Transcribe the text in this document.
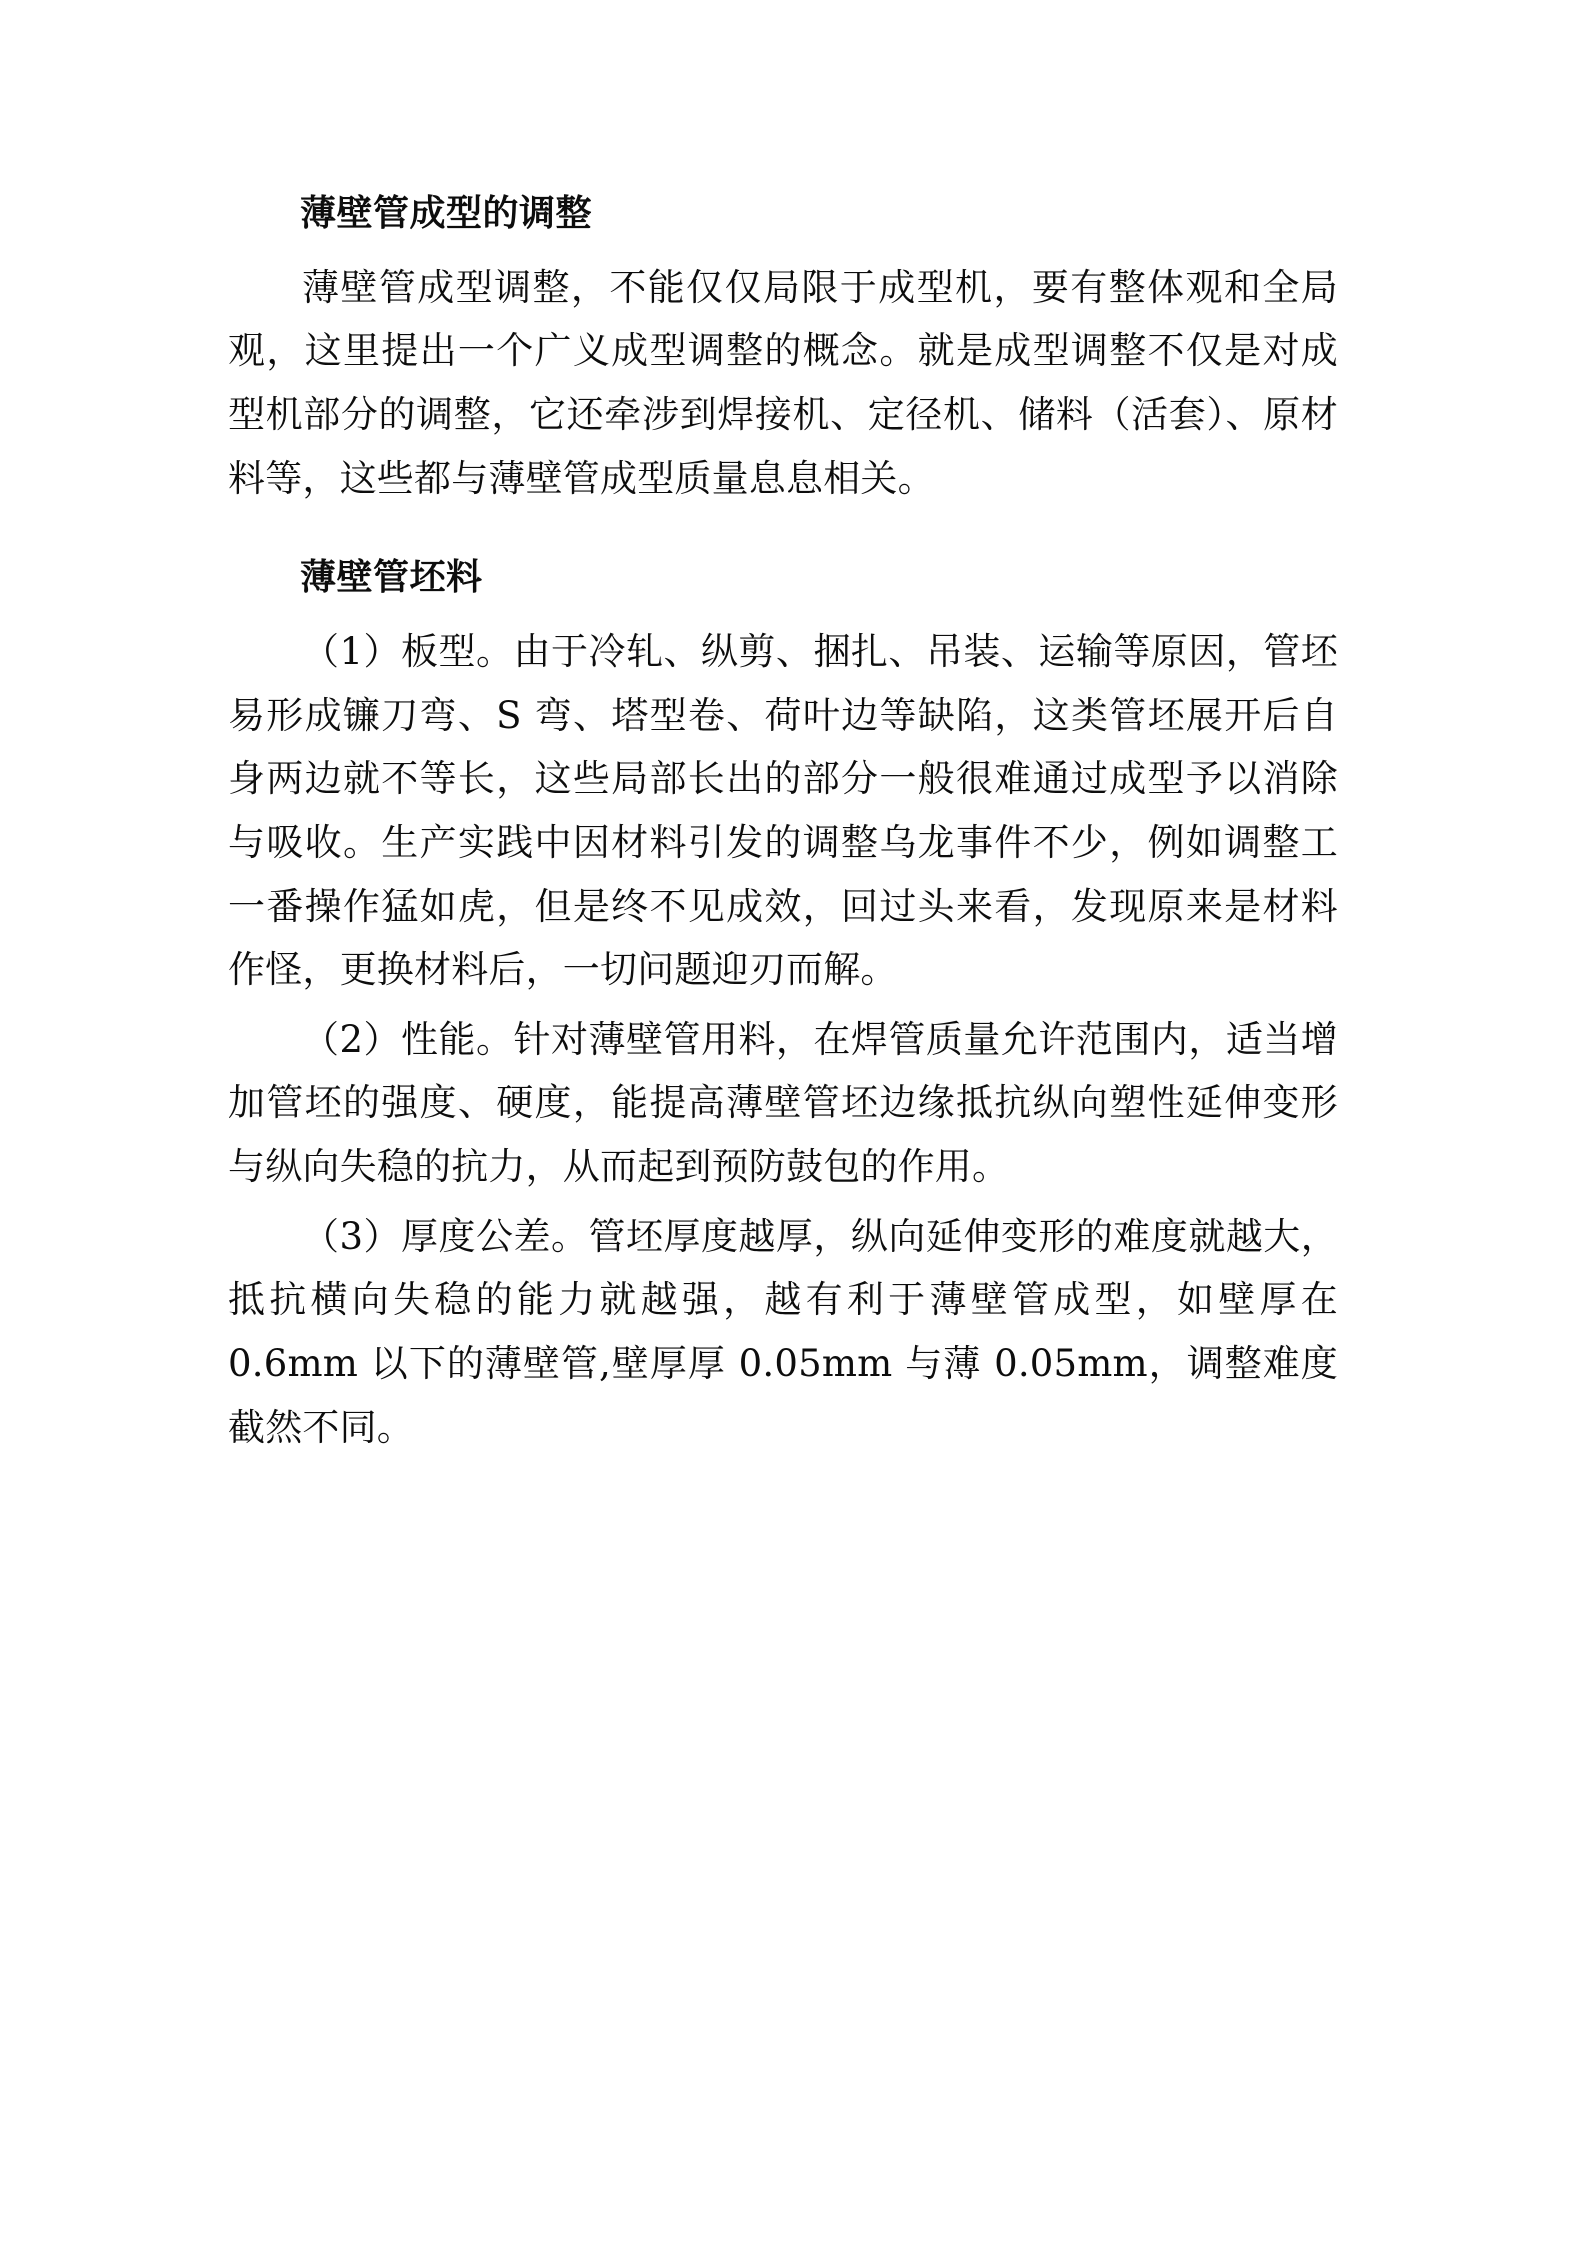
薄壁管成型的调整

薄壁管成型调整，不能仅仅局限于成型机，要有整体观和全局观，这里提出一个广义成型调整的概念。就是成型调整不仅是对成型机部分的调整，它还牵涉到焊接机、定径机、储料（活套）、原材料等，这些都与薄壁管成型质量息息相关。

薄壁管坯料

（1）板型。由于冷轧、纵剪、捆扎、吊装、运输等原因，管坯易形成镰刀弯、S 弯、塔型卷、荷叶边等缺陷，这类管坯展开后自身两边就不等长，这些局部长出的部分一般很难通过成型予以消除与吸收。生产实践中因材料引发的调整乌龙事件不少，例如调整工一番操作猛如虎，但是终不见成效，回过头来看，发现原来是材料作怪，更换材料后，一切问题迎刃而解。

（2）性能。针对薄壁管用料，在焊管质量允许范围内，适当增加管坯的强度、硬度，能提高薄壁管坯边缘抵抗纵向塑性延伸变形与纵向失稳的抗力，从而起到预防鼓包的作用。

（3）厚度公差。管坯厚度越厚，纵向延伸变形的难度就越大，抵抗横向失稳的能力就越强，越有利于薄壁管成型，如壁厚在 0.6mm 以下的薄壁管,壁厚厚 0.05mm 与薄 0.05mm，调整难度截然不同。
